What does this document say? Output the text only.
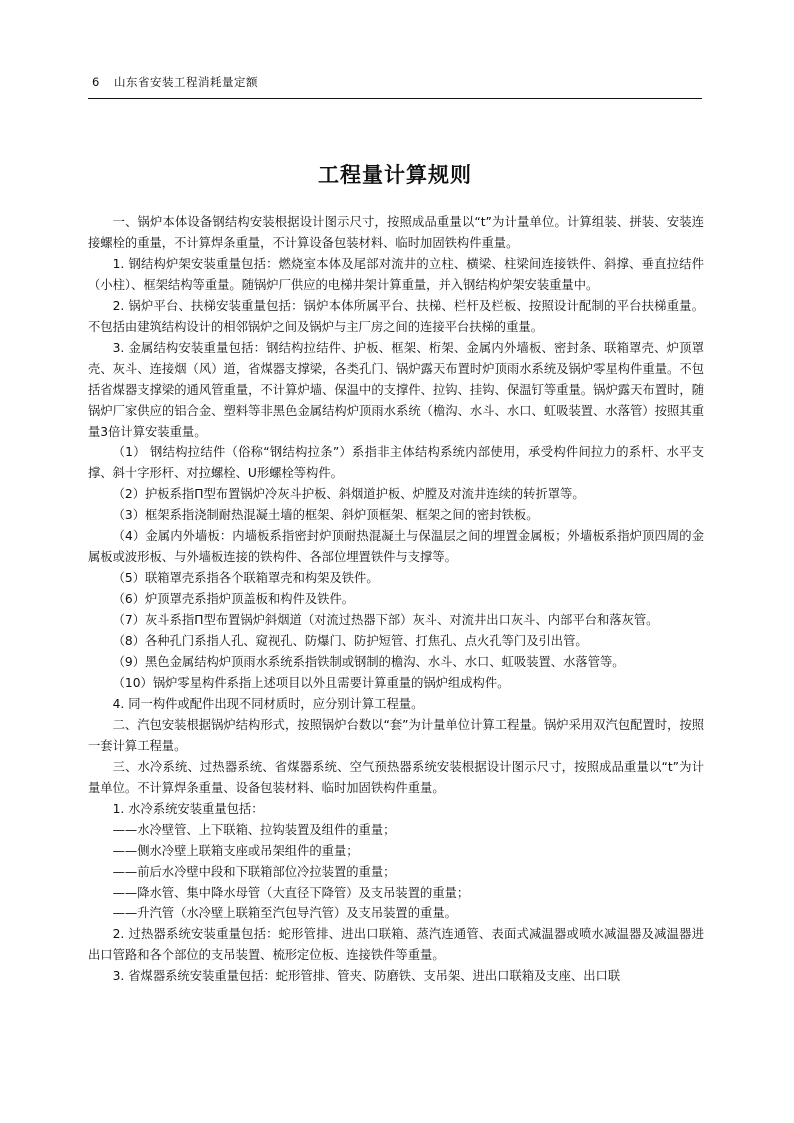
6 山东省安装工程消耗量定额
工程量计算规则

一、锅炉本体设备钢结构安装根据设计图示尺寸，按照成品重量以“t”为计量单位。计算组装、拼装、安装连接螺栓的重量，不计算焊条重量，不计算设备包装材料、临时加固铁构件重量。

1. 钢结构炉架安装重量包括：燃烧室本体及尾部对流井的立柱、横梁、柱梁间连接铁件、斜撑、垂直拉结件（小柱）、框架结构等重量。随锅炉厂供应的电梯井架计算重量，并入钢结构炉架安装重量中。

2. 锅炉平台、扶梯安装重量包括：锅炉本体所属平台、扶梯、栏杆及栏板、按照设计配制的平台扶梯重量。不包括由建筑结构设计的相邻锅炉之间及锅炉与主厂房之间的连接平台扶梯的重量。

3. 金属结构安装重量包括：钢结构拉结件、护板、框架、桁架、金属内外墙板、密封条、联箱罩壳、炉顶罩壳、灰斗、连接烟（风）道，省煤器支撑梁，各类孔门、锅炉露天布置时炉顶雨水系统及锅炉零星构件重量。不包括省煤器支撑梁的通风管重量，不计算炉墙、保温中的支撑件、拉钩、挂钩、保温钉等重量。锅炉露天布置时，随锅炉厂家供应的铝合金、塑料等非黑色金属结构炉顶雨水系统（檐沟、水斗、水口、虹吸装置、水落管）按照其重量3倍计算安装重量。

（1） 钢结构拉结件（俗称“钢结构拉条”）系指非主体结构系统内部使用，承受构件间拉力的系杆、水平支撑、斜十字形杆、对拉螺栓、U形螺栓等构件。

（2）护板系指Π型布置锅炉冷灰斗护板、斜烟道护板、炉膛及对流井连续的转折罩等。

（3）框架系指浇制耐热混凝土墙的框架、斜炉顶框架、框架之间的密封铁板。

（4）金属内外墙板：内墙板系指密封炉顶耐热混凝土与保温层之间的埋置金属板；外墙板系指炉顶四周的金属板或波形板、与外墙板连接的铁构件、各部位埋置铁件与支撑等。

（5）联箱罩壳系指各个联箱罩壳和构架及铁件。

（6）炉顶罩壳系指炉顶盖板和构件及铁件。

（7）灰斗系指Π型布置锅炉斜烟道（对流过热器下部）灰斗、对流井出口灰斗、内部平台和落灰管。

（8）各种孔门系指人孔、窥视孔、防爆门、防护短管、打焦孔、点火孔等门及引出管。

（9）黑色金属结构炉顶雨水系统系指铁制或钢制的檐沟、水斗、水口、虹吸装置、水落管等。

（10）锅炉零星构件系指上述项目以外且需要计算重量的锅炉组成构件。

4. 同一构件或配件出现不同材质时，应分别计算工程量。

二、汽包安装根据锅炉结构形式，按照锅炉台数以“套”为计量单位计算工程量。锅炉采用双汽包配置时，按照一套计算工程量。

三、水冷系统、过热器系统、省煤器系统、空气预热器系统安装根据设计图示尺寸，按照成品重量以“t”为计量单位。不计算焊条重量、设备包装材料、临时加固铁构件重量。

1. 水冷系统安装重量包括：

——水冷壁管、上下联箱、拉钩装置及组件的重量；

——侧水冷壁上联箱支座或吊架组件的重量；

——前后水冷壁中段和下联箱部位冷拉装置的重量；

——降水管、集中降水母管（大直径下降管）及支吊装置的重量；

——升汽管（水冷壁上联箱至汽包导汽管）及支吊装置的重量。

2. 过热器系统安装重量包括：蛇形管排、进出口联箱、蒸汽连通管、表面式减温器或喷水减温器及减温器进出口管路和各个部位的支吊装置、梳形定位板、连接铁件等重量。

3. 省煤器系统安装重量包括：蛇形管排、管夹、防磨铁、支吊架、进出口联箱及支座、出口联
